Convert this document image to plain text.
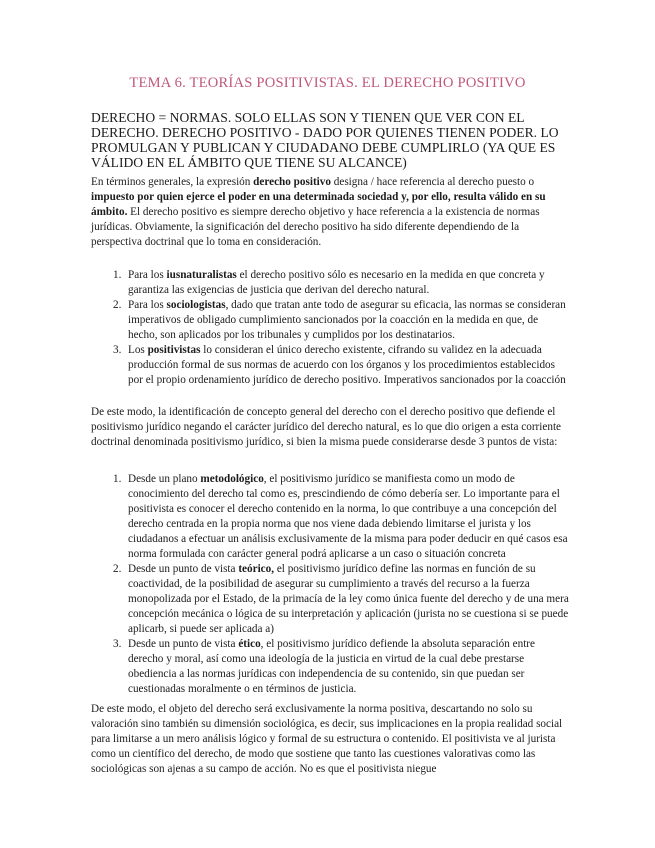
TEMA 6. TEORÍAS POSITIVISTAS. EL DERECHO POSITIVO

DERECHO = NORMAS. SOLO ELLAS SON Y TIENEN QUE VER CON EL DERECHO. DERECHO POSITIVO - DADO POR QUIENES TIENEN PODER. LO PROMULGAN Y PUBLICAN Y CIUDADANO DEBE CUMPLIRLO (YA QUE ES VÁLIDO EN EL ÁMBITO QUE TIENE SU ALCANCE)

En términos generales, la expresión derecho positivo designa / hace referencia al derecho puesto o impuesto por quien ejerce el poder en una determinada sociedad y, por ello, resulta válido en su ámbito. El derecho positivo es siempre derecho objetivo y hace referencia a la existencia de normas jurídicas. Obviamente, la significación del derecho positivo ha sido diferente dependiendo de la perspectiva doctrinal que lo toma en consideración.

1. Para los iusnaturalistas el derecho positivo sólo es necesario en la medida en que concreta y garantiza las exigencias de justicia que derivan del derecho natural.
2. Para los sociologistas, dado que tratan ante todo de asegurar su eficacia, las normas se consideran imperativos de obligado cumplimiento sancionados por la coacción en la medida en que, de hecho, son aplicados por los tribunales y cumplidos por los destinatarios.
3. Los positivistas lo consideran el único derecho existente, cifrando su validez en la adecuada producción formal de sus normas de acuerdo con los órganos y los procedimientos establecidos por el propio ordenamiento jurídico de derecho positivo. Imperativos sancionados por la coacción

De este modo, la identificación de concepto general del derecho con el derecho positivo que defiende el positivismo jurídico negando el carácter jurídico del derecho natural, es lo que dio origen a esta corriente doctrinal denominada positivismo jurídico, si bien la misma puede considerarse desde 3 puntos de vista:

1. Desde un plano metodológico, el positivismo jurídico se manifiesta como un modo de conocimiento del derecho tal como es, prescindiendo de cómo debería ser. Lo importante para el positivista es conocer el derecho contenido en la norma, lo que contribuye a una concepción del derecho centrada en la propia norma que nos viene dada debiendo limitarse el jurista y los ciudadanos a efectuar un análisis exclusivamente de la misma para poder deducir en qué casos esa norma formulada con carácter general podrá aplicarse a un caso o situación concreta
2. Desde un punto de vista teórico, el positivismo jurídico define las normas en función de su coactividad, de la posibilidad de asegurar su cumplimiento a través del recurso a la fuerza monopolizada por el Estado, de la primacía de la ley como única fuente del derecho y de una mera concepción mecánica o lógica de su interpretación y aplicación (jurista no se cuestiona si se puede aplicarb, si puede ser aplicada a)
3. Desde un punto de vista ético, el positivismo jurídico defiende la absoluta separación entre derecho y moral, así como una ideología de la justicia en virtud de la cual debe prestarse obediencia a las normas jurídicas con independencia de su contenido, sin que puedan ser cuestionadas moralmente o en términos de justicia.

De este modo, el objeto del derecho será exclusivamente la norma positiva, descartando no solo su valoración sino también su dimensión sociológica, es decir, sus implicaciones en la propia realidad social para limitarse a un mero análisis lógico y formal de su estructura o contenido. El positivista ve al jurista como un científico del derecho, de modo que sostiene que tanto las cuestiones valorativas como las sociológicas son ajenas a su campo de acción. No es que el positivista niegue
